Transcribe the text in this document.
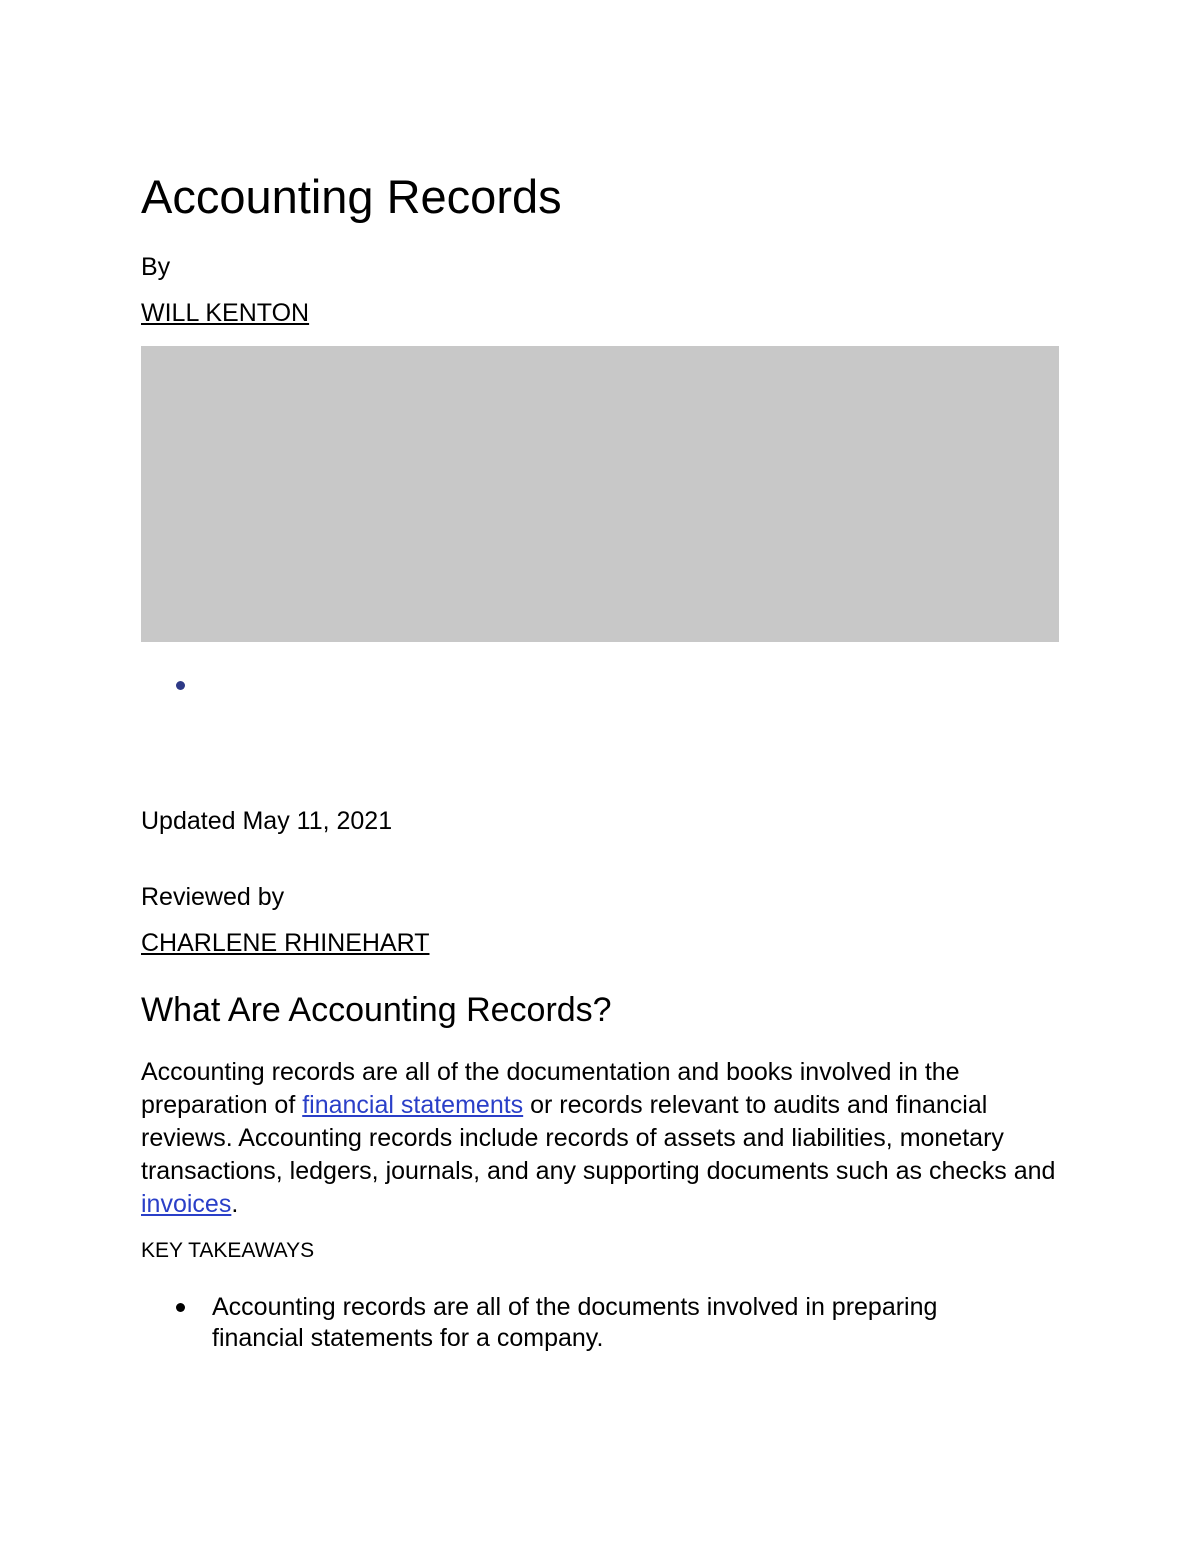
Accounting Records
By
WILL KENTON
Updated May 11, 2021
Reviewed by
CHARLENE RHINEHART
What Are Accounting Records?

Accounting records are all of the documentation and books involved in the preparation of financial statements or records relevant to audits and financial reviews. Accounting records include records of assets and liabilities, monetary transactions, ledgers, journals, and any supporting documents such as checks and invoices.

KEY TAKEAWAYS
Accounting records are all of the documents involved in preparing financial statements for a company.
